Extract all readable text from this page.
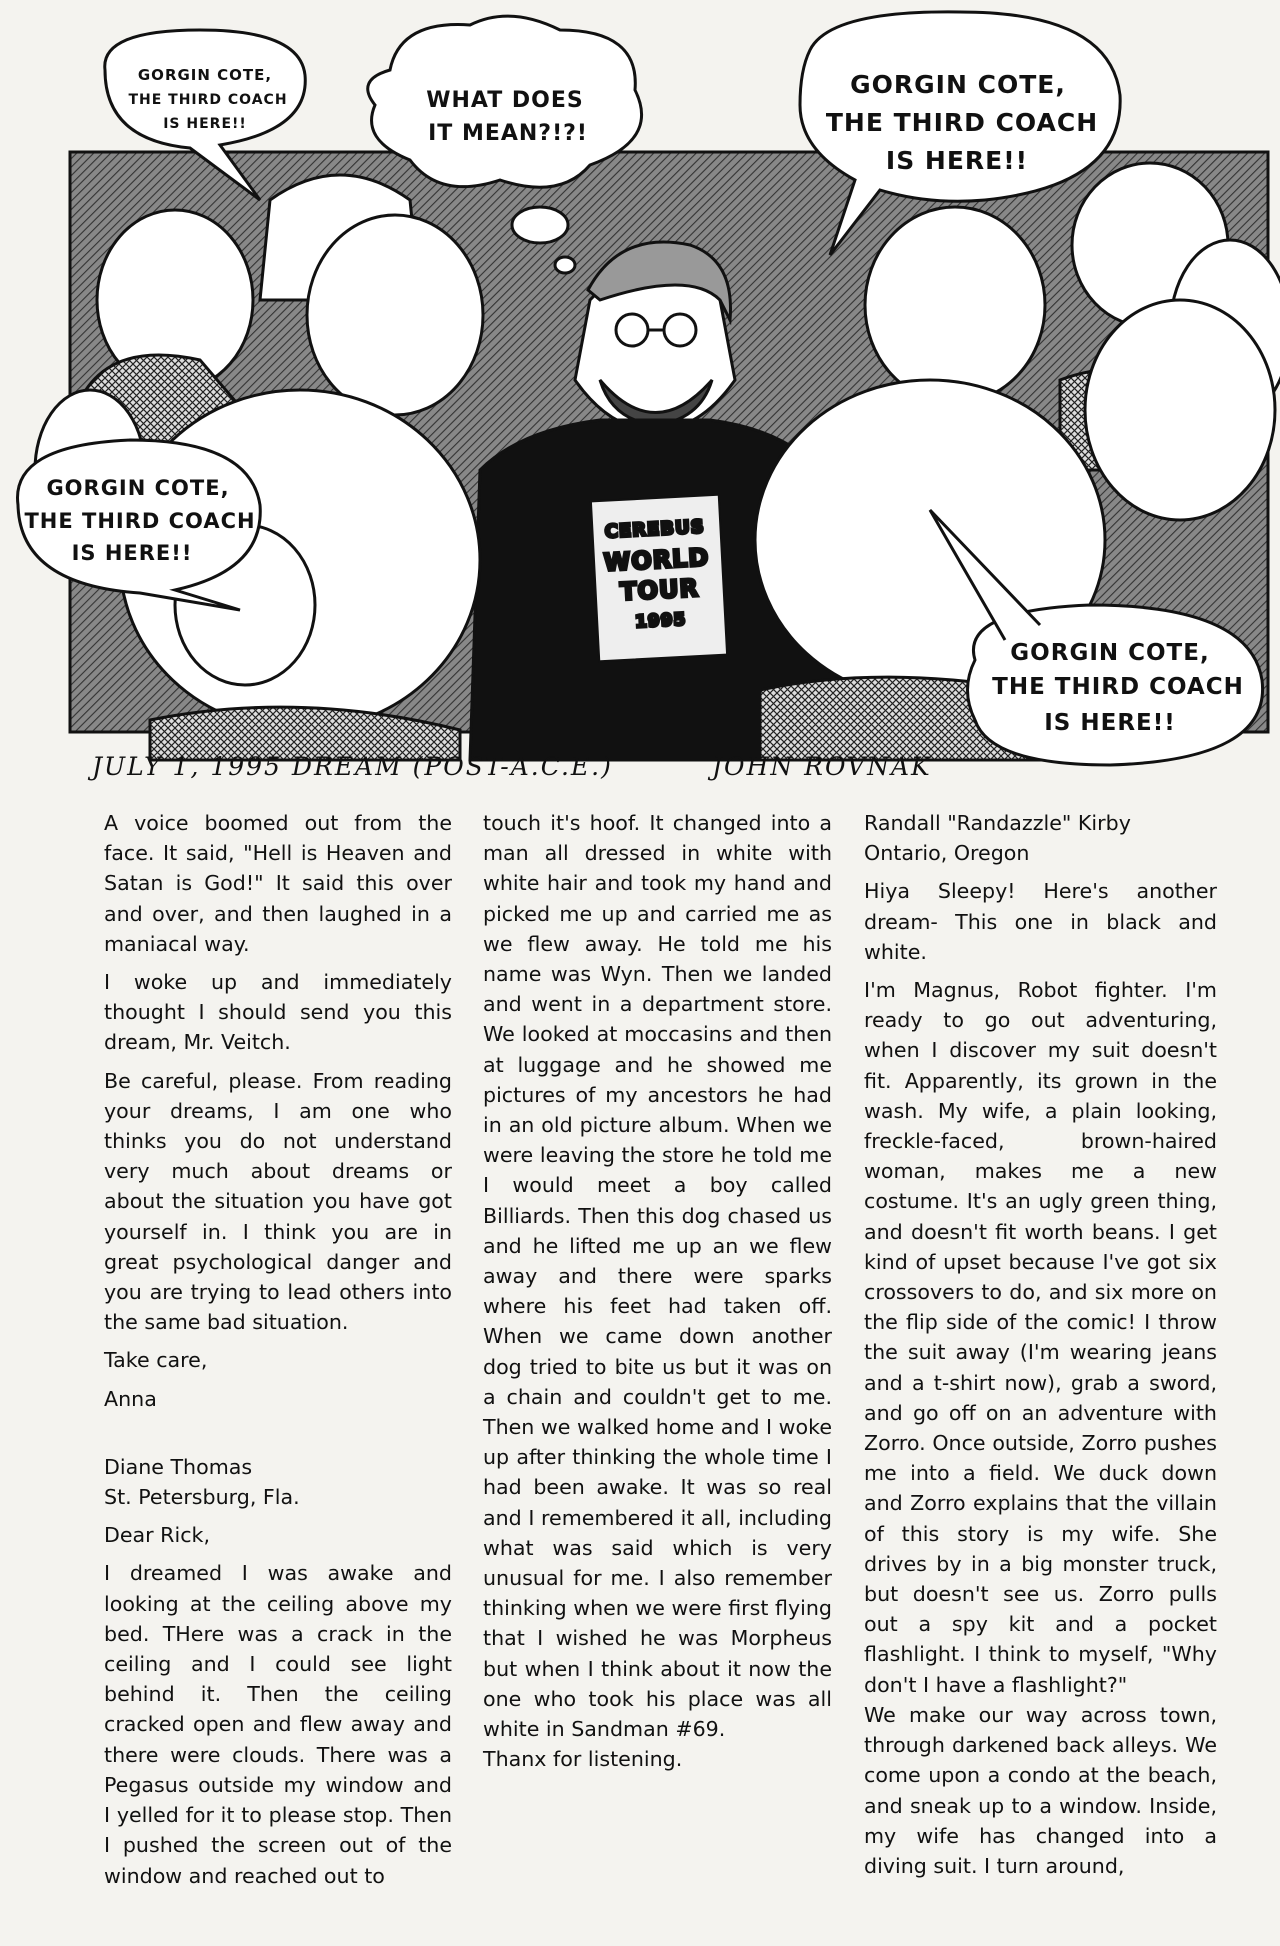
CEREBUS
WORLD
TOUR
1995
GORGIN COTE,
THE THIRD COACH
IS HERE!!
WHAT DOES
IT MEAN?!?!
GORGIN COTE,
THE THIRD COACH
IS HERE!!
GORGIN COTE,
THE THIRD COACH
IS HERE!!
GORGIN COTE,
THE THIRD COACH
IS HERE!!
JULY 1, 1995 DREAM (POST-A.C.E.)	JOHN ROVNAK

A voice boomed out from the face. It said, "Hell is Heaven and Satan is God!" It said this over and over, and then laughed in a maniacal way.

I woke up and immediately thought I should send you this dream, Mr. Veitch.

Be careful, please. From reading your dreams, I am one who thinks you do not understand very much about dreams or about the situation you have got yourself in. I think you are in great psychological danger and you are trying to lead others into the same bad situation.

Take care,

Anna

Diane Thomas

St. Petersburg, Fla.

Dear Rick,

I dreamed I was awake and looking at the ceiling above my bed. THere was a crack in the ceiling and I could see light behind it. Then the ceiling cracked open and flew away and there were clouds. There was a Pegasus outside my window and I yelled for it to please stop. Then I pushed the screen out of the window and reached out to

touch it's hoof. It changed into a man all dressed in white with white hair and took my hand and picked me up and carried me as we flew away. He told me his name was Wyn. Then we landed and went in a department store. We looked at moccasins and then at luggage and he showed me pictures of my ancestors he had in an old picture album. When we were leaving the store he told me I would meet a boy called Billiards. Then this dog chased us and he lifted me up an we flew away and there were sparks where his feet had taken off. When we came down another dog tried to bite us but it was on a chain and couldn't get to me. Then we walked home and I woke up after thinking the whole time I had been awake. It was so real and I remembered it all, including what was said which is very unusual for me. I also remember thinking when we were first flying that I wished he was Morpheus but when I think about it now the one who took his place was all white in Sandman #69.

Thanx for listening.

Randall "Randazzle" Kirby

Ontario, Oregon

Hiya Sleepy! Here's another dream- This one in black and white.

I'm Magnus, Robot fighter. I'm ready to go out adventuring, when I discover my suit doesn't fit. Apparently, its grown in the wash. My wife, a plain looking, freckle-faced, brown-haired woman, makes me a new costume. It's an ugly green thing, and doesn't fit worth beans. I get kind of upset because I've got six crossovers to do, and six more on the flip side of the comic! I throw the suit away (I'm wearing jeans and a t-shirt now), grab a sword, and go off on an adventure with Zorro. Once outside, Zorro pushes me into a field. We duck down and Zorro explains that the villain of this story is my wife. She drives by in a big monster truck, but doesn't see us. Zorro pulls out a spy kit and a pocket flashlight. I think to myself, "Why don't I have a flashlight?"

We make our way across town, through darkened back alleys. We come upon a condo at the beach, and sneak up to a window. Inside, my wife has changed into a diving suit. I turn around,
